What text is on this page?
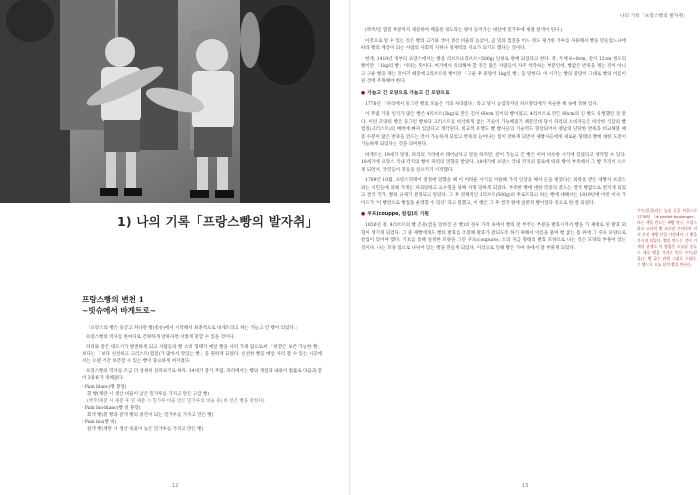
1) 나의 기록「프랑스빵의 발자취」
프랑스빵의 변천 1
~빗슈에서 바게트로~

「프랑스의 빵은 둥글고 커다란 빵(빗슈)에서 시작해서 최종적으로 바게트라고 하는 가늘고 긴 빵이 되었다.」

프랑스빵의 역사를 한마디로 간략하게 말하자면 이렇게 말할 수 있을 것이다.

파리와 같은 대도시가 발전하게 되고 사람들의 빵 소비 형태가 매일 빵을 사러 가게 됨으로써 「바깥은 보존 가능한 빵」보다는 「보다 신선하고 크러스트(껍질)가 많아서 맛있는 빵」을 원하게 되었다. 신선한 빵을 매일 사러 갈 수 있는 시골에서는 오랜 기간 보존할 수 있는 빵이 중요하게 여겨졌다.

프랑스빵의 역사를 조금 더 상세히 살펴보기로 하자. 14세기 중기 무렵, 파리에서는 빵의 계절과 내용이 법률로 다음과 같이 3종류가 정해졌다.

· Pain blanc(빵 블랑)
흰 빵(계란 시 생산 비율이 낮은 밀가루를 가지고 만든 고급 빵)
(박주/제분 시 제분 후 밀 제분 시 밀가루 비율 얻은 밀가루의 비율 중) 바 얻은 빵을 말한다)
· Pain bis-blanc(빵 비 블랑)
회색 빵(흰 빵과 갈색 빵의 중간이 되는 밀가루를 가지고 만든 빵)
· Pain bis(빵 비)
갈색 빵(계란 시 생산 비율이 높은 밀가루를 가지고 만든 빵)
12
나의 기록「프랑스빵의 발자취」

(박주/밀 껍질 부분까지 제분하여 배출된 정도라는 양이 들어가는 대신에 밀가루에 제철 갈색이 된다.)

이것으로 알 수 있는 것은 빵의 크기와 색이 생산 비율의 높낮이, 곧 밀의 껍질을 어느 정도 제거한 가루를 사용해서 빵을 만들었느냐에 따라 빵의 계층이 되는 사람의 사회적 지위나 경제력의 지표가 되기도 했다는 것이다.

현재, 1419년 경부터 프랑스에서는 빵을 리브르(1리브르=500g) 단위로 판매 되었다고 한다. 즉, 두께 6~8cm, 길이 12cm 정도의 빵이란 「1kg의 빵」이라는 뜻이다. 여기에서 유의해야 할 것은 많은 사람들이 자주 착각하는 부분인데, 빵값은 반죽을 재는 것이 아니고 구운 빵을 재는 것이기 때문에 2리브르의 빵이란 「구운 후 중량이 1kg인 빵」을 말한다. 이 시기는 빵의 중량이 그대로 빵의 이름이 된 것에 주목해야 한다.

● 가늘고 긴 모양으로 가늘고 긴 모양으로

1778년 「파리에서 둥그런 빵의 모습은 거의 사라졌다」라고 당시 농업학자인 파르망티에가 저술한 책 속에 적혀 있다.

이 무렵 가장 인기가 많은 빵은 4리브르(2kg)로 만든 길이 60cm 길이의 빵이었고, 4리브르로 만든 80cm의 긴 빵도 유행했던 것 같다. 이런 모양의 빵은 둥그런 빵보다 크러스트를 바삭하게 굽는 기술이 가능해졌기 때문인데 당시 파리의 소비자들은 바삭한 식감의 빵 껍질(크러스트)의 매력에 빠져 있었다고 생각된다. 비교적 유행도 빵 빵사들의 기술력도 향상되어서 옛날의 단단한 반죽과 비교해볼 때 좀 수분이 많은 반죽을 만드는 것이 가능하게 되었고 반죽의 늘어나는 힘이 강하게 되면서 제빵사들에게 새로운 형태의 빵에 대한 도전이 가능하게 되었다는 것을 의미한다.

바게트는 19세기 말경, 파리의 거리에서 태어났다고 말을 하지만, 같이 가늘고 긴 빵은 이미 비슷한 시기에 있었다고 생각할 수 있다. 18세기에 프랑스 국내 각지의 빵이 파리의 영향을 받았다. 18세기에 프랑스 국내 각지의 풍토에 따라 빵이 부족해서 그 빵 가격이 오르게 되면서, 국민들이 폭동을 일으키기 시작했다.

1789년 10월, 프랑스혁명이 절정에 달했을 때 이 어려운 사기를 이용해 가격 인상을 해서 돈을 벌었다는 외곽을 받은 제빵사 프랑스와는 시민들에 의해 가게는 파괴당하고 교수형을 당해 사형 당하게 되었다. 부족한 빵에 대한 민중의 분노는 결국 빵값으로 번지게 되었고 결국 국가, 빵의 규제가 결정되고 말았다. 그 후 전체적인 1리브르(500g)의 후로트라고 하는 빵에 대해서는 1819년에 어떤 이사 가이드가 '이 빵만으로 빵집을 운영할 수 있다' 라고 말했고, 이 빵은 그 후 결국 원에 일반적 빵이었다 것으로 한 잘 되었다.

● 쿠프(couppe, 칼집)의 기원

1850년 경, 4리브르의 빵 콘유(컴을 알려진 큰 빵)의 경우 가격 속에서 빵의 잘 부푸는 부분을 발효시켜서 빵을 가 제대로 된 발효 외형이 생기게 되었다. 그 중 제빵에게도 빵의 발효를 조절해 발효가 잘되도록 하기 위해서 이름을 붙여 빵 굽는 틀 위에 그 쿠프 모양으로 칼집이 있어야 했다. 기호를 통해 일정한 모양을 그린 쿠프(coupure), 소의 지금 형태의 발효 모양으로 나는 것은 모양의 부풀어 있는 것이다. 나는 모양 점으로 나뉘어 있는 빵을 만들게 되었다. 이것으로 인해 빵은 가마 속에서 잘 부풀게 되었다.

쿠프(칼집)라는 높임 글을 처음으로 1778년 「le parfait boulanger」라는 책을 만드는 제빵 연구, 프랑스 최고 쇼비치 빵 파르망 쿠이라의 저서 사전 제빵 산업 가정에서 그 빵을 가지게 되었다. 빵을 만드는 것이 기계의 관계로 이 방법은 오늘날 종류도 새로 빵을 가지고 만든 쿠프(칼집)는 빵 굽는 관행 그대로 구웠다. 그 빵으로 오늘 날의 빵을 만든다.
13
